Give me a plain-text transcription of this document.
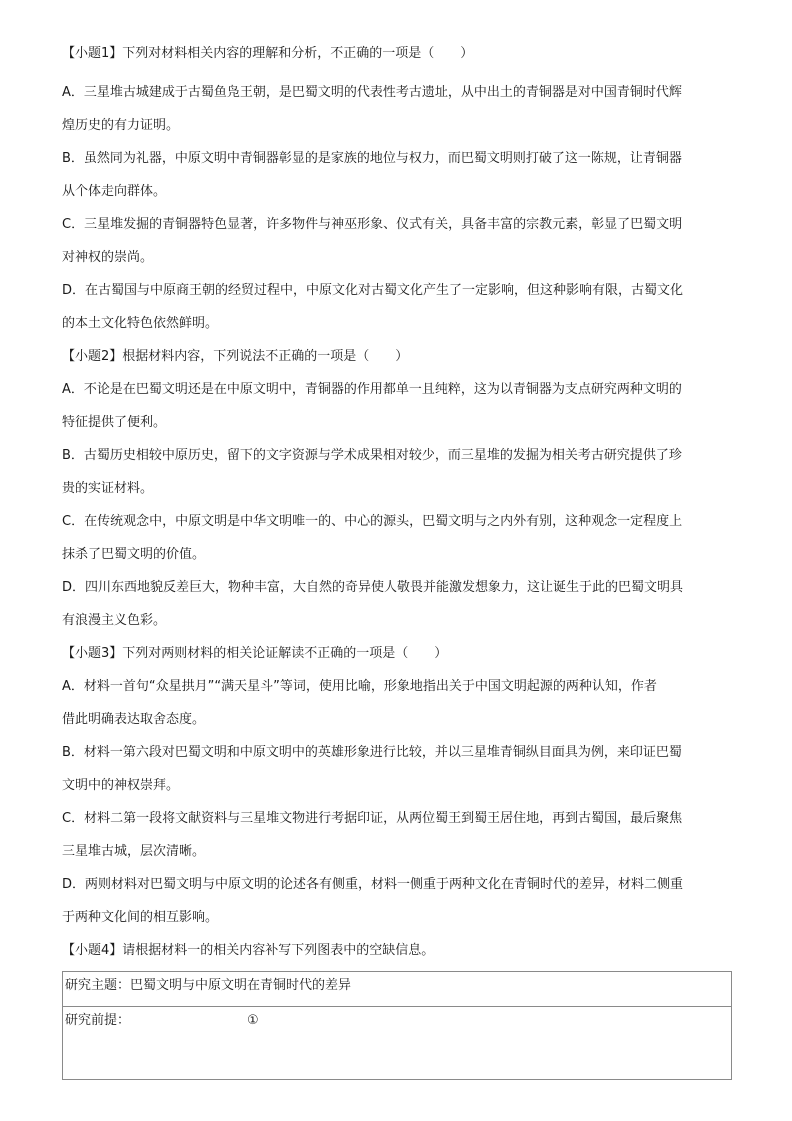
【小题1】下列对材料相关内容的理解和分析，不正确的一项是（　　）

A．三星堆古城建成于古蜀鱼凫王朝，是巴蜀文明的代表性考古遗址，从中出土的青铜器是对中国青铜时代辉

煌历史的有力证明。

B．虽然同为礼器，中原文明中青铜器彰显的是家族的地位与权力，而巴蜀文明则打破了这一陈规，让青铜器

从个体走向群体。

C．三星堆发掘的青铜器特色显著，许多物件与神巫形象、仪式有关，具备丰富的宗教元素，彰显了巴蜀文明

对神权的崇尚。

D．在古蜀国与中原商王朝的经贸过程中，中原文化对古蜀文化产生了一定影响，但这种影响有限，古蜀文化

的本土文化特色依然鲜明。

【小题2】根据材料内容，下列说法不正确的一项是（　　）

A．不论是在巴蜀文明还是在中原文明中，青铜器的作用都单一且纯粹，这为以青铜器为支点研究两种文明的

特征提供了便利。

B．古蜀历史相较中原历史，留下的文字资源与学术成果相对较少，而三星堆的发掘为相关考古研究提供了珍

贵的实证材料。

C．在传统观念中，中原文明是中华文明唯一的、中心的源头，巴蜀文明与之内外有别，这种观念一定程度上

抹杀了巴蜀文明的价值。

D．四川东西地貌反差巨大，物种丰富，大自然的奇异使人敬畏并能激发想象力，这让诞生于此的巴蜀文明具

有浪漫主义色彩。

【小题3】下列对两则材料的相关论证解读不正确的一项是（　　）

A．材料一首句“众星拱月”“满天星斗”等词，使用比喻，形象地指出关于中国文明起源的两种认知，作者

借此明确表达取舍态度。

B．材料一第六段对巴蜀文明和中原文明中的英雄形象进行比较，并以三星堆青铜纵目面具为例，来印证巴蜀

文明中的神权崇拜。

C．材料二第一段将文献资料与三星堆文物进行考据印证，从两位蜀王到蜀王居住地，再到古蜀国，最后聚焦

三星堆古城，层次清晰。

D．两则材料对巴蜀文明与中原文明的论述各有侧重，材料一侧重于两种文化在青铜时代的差异，材料二侧重

于两种文化间的相互影响。

【小题4】请根据材料一的相关内容补写下列图表中的空缺信息。

研究主题：巴蜀文明与中原文明在青铜时代的差异
研究前提：	①
